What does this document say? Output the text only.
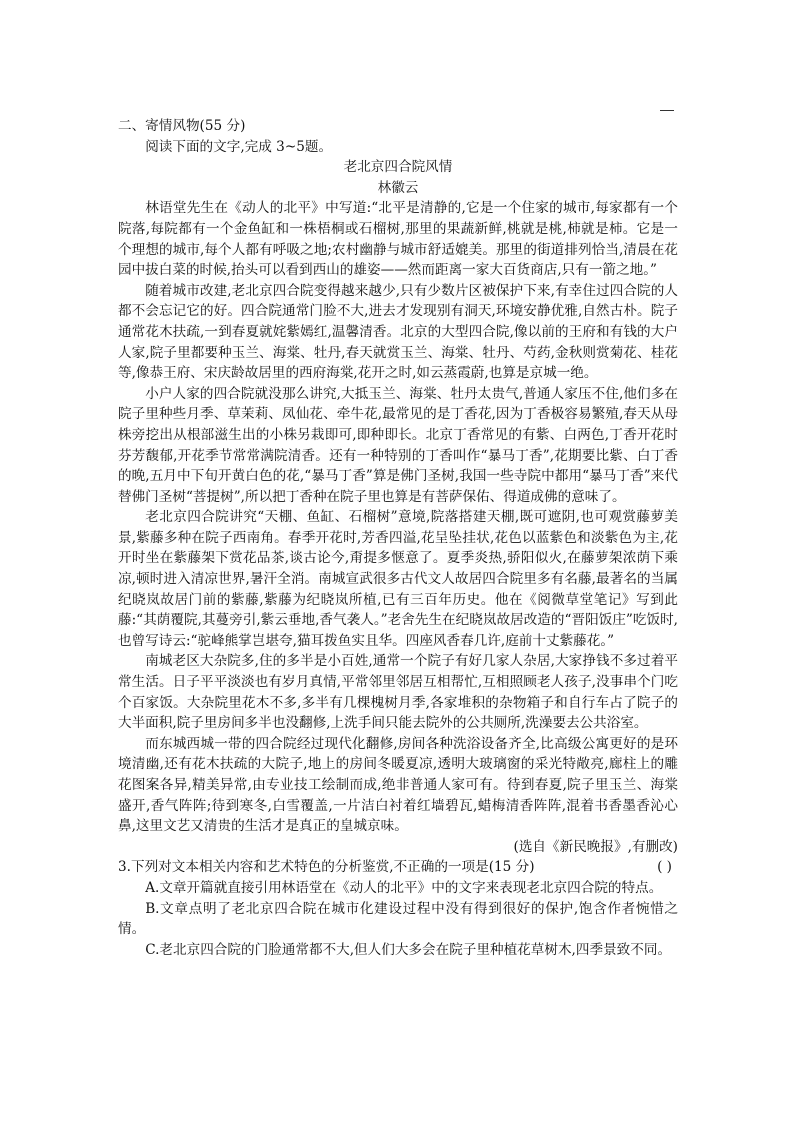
二、寄情风物(55 分)

阅读下面的文字,完成 3~5题。

老北京四合院风情

林徽云

林语堂先生在《动人的北平》中写道:“北平是清静的,它是一个住家的城市,每家都有一个院落,每院都有一个金鱼缸和一株梧桐或石榴树,那里的果蔬新鲜,桃就是桃,柿就是柿。它是一个理想的城市,每个人都有呼吸之地;农村幽静与城市舒适媲美。那里的街道排列恰当,清晨在花园中拔白菜的时候,抬头可以看到西山的雄姿——然而距离一家大百货商店,只有一箭之地。”

随着城市改建,老北京四合院变得越来越少,只有少数片区被保护下来,有幸住过四合院的人都不会忘记它的好。四合院通常门脸不大,进去才发现别有洞天,环境安静优雅,自然古朴。院子通常花木扶疏,一到春夏就姹紫嫣红,温馨清香。北京的大型四合院,像以前的王府和有钱的大户人家,院子里都要种玉兰、海棠、牡丹,春天就赏玉兰、海棠、牡丹、芍药,金秋则赏菊花、桂花等,像恭王府、宋庆龄故居里的西府海棠,花开之时,如云蒸霞蔚,也算是京城一绝。

小户人家的四合院就没那么讲究,大抵玉兰、海棠、牡丹太贵气,普通人家压不住,他们多在院子里种些月季、草茉莉、凤仙花、牵牛花,最常见的是丁香花,因为丁香极容易繁殖,春天从母株旁挖出从根部滋生出的小株另栽即可,即种即长。北京丁香常见的有紫、白两色,丁香开花时芬芳馥郁,开花季节常常满院清香。还有一种特别的丁香叫作“暴马丁香”,花期要比紫、白丁香的晚,五月中下旬开黄白色的花,“暴马丁香”算是佛门圣树,我国一些寺院中都用“暴马丁香”来代替佛门圣树“菩提树”,所以把丁香种在院子里也算是有菩萨保佑、得道成佛的意味了。

老北京四合院讲究“天棚、鱼缸、石榴树”意境,院落搭建天棚,既可遮阴,也可观赏藤萝美景,紫藤多种在院子西南角。春季开花时,芳香四溢,花呈坠挂状,花色以蓝紫色和淡紫色为主,花开时坐在紫藤架下赏花品茶,谈古论今,甭提多惬意了。夏季炎热,骄阳似火,在藤萝架浓荫下乘凉,顿时进入清凉世界,暑汗全消。南城宣武很多古代文人故居四合院里多有名藤,最著名的当属纪晓岚故居门前的紫藤,紫藤为纪晓岚所植,已有三百年历史。他在《阅微草堂笔记》写到此藤:“其荫覆院,其蔓旁引,紫云垂地,香气袭人。”老舍先生在纪晓岚故居改造的“晋阳饭庄”吃饭时,也曾写诗云:“驼峰熊掌岂堪夸,猫耳拨鱼实且华。四座风香春几许,庭前十丈紫藤花。”

南城老区大杂院多,住的多半是小百姓,通常一个院子有好几家人杂居,大家挣钱不多过着平常生活。日子平平淡淡也有岁月真情,平常邻里邻居互相帮忙,互相照顾老人孩子,没事串个门吃个百家饭。大杂院里花木不多,多半有几棵槐树月季,各家堆积的杂物箱子和自行车占了院子的大半面积,院子里房间多半也没翻修,上洗手间只能去院外的公共厕所,洗澡要去公共浴室。

而东城西城一带的四合院经过现代化翻修,房间各种洗浴设备齐全,比高级公寓更好的是环境清幽,还有花木扶疏的大院子,地上的房间冬暖夏凉,透明大玻璃窗的采光特敞亮,廊柱上的雕花图案各异,精美异常,由专业技工绘制而成,绝非普通人家可有。待到春夏,院子里玉兰、海棠盛开,香气阵阵;待到寒冬,白雪覆盖,一片洁白衬着红墙碧瓦,蜡梅清香阵阵,混着书香墨香沁心鼻,这里文艺又清贵的生活才是真正的皇城京味。

(选自《新民晚报》,有删改)

3.下列对文本相关内容和艺术特色的分析鉴赏,不正确的一项是(15 分)	( )

A.文章开篇就直接引用林语堂在《动人的北平》中的文字来表现老北京四合院的特点。

B.文章点明了老北京四合院在城市化建设过程中没有得到很好的保护,饱含作者惋惜之情。

C.老北京四合院的门脸通常都不大,但人们大多会在院子里种植花草树木,四季景致不同。
